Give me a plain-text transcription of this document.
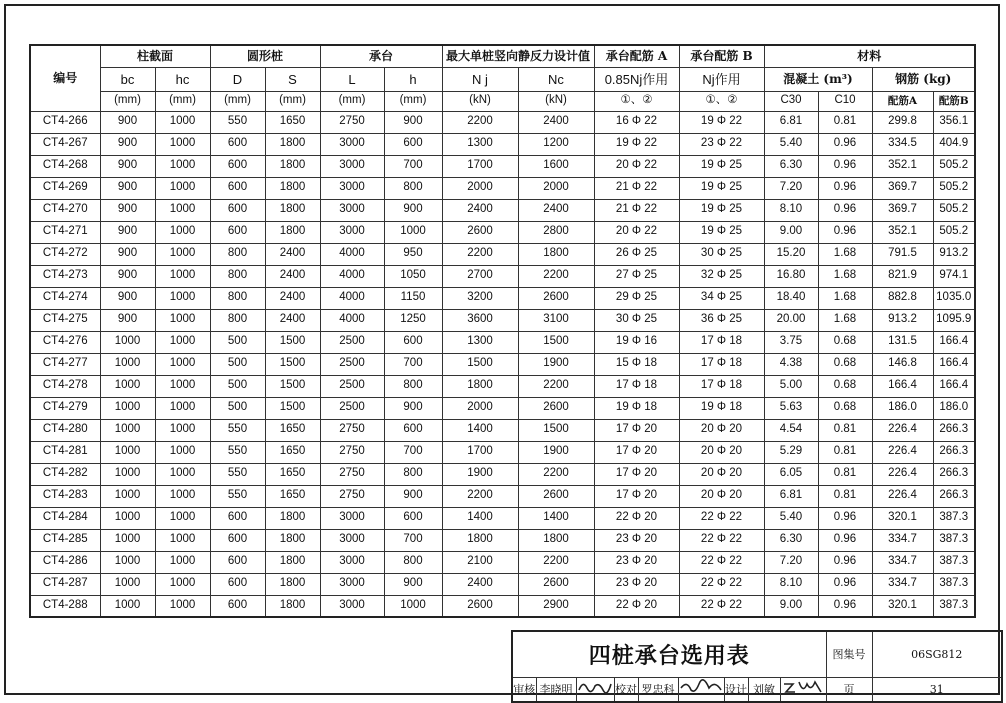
编号	柱截面		圆形桩		承台		最大单桩竖向静反力设计值		承台配筋 A	承台配筋 B	材料			
	bc	hc	D	S	L	h	N j	Nc	0.85Nj作用	Nj作用	混凝土 (m³)		钢筋 (kg)	
	(mm)	(mm)	(mm)	(mm)	(mm)	(mm)	(kN)	(kN)	①、②	①、②	C30	C10	配筋A	配筋B
CT4-266	900	1000	550	1650	2750	900	2200	2400	16 Φ 22	19 Φ 22	6.81	0.81	299.8	356.1
CT4-267	900	1000	600	1800	3000	600	1300	1200	19 Φ 22	23 Φ 22	5.40	0.96	334.5	404.9
CT4-268	900	1000	600	1800	3000	700	1700	1600	20 Φ 22	19 Φ 25	6.30	0.96	352.1	505.2
CT4-269	900	1000	600	1800	3000	800	2000	2000	21 Φ 22	19 Φ 25	7.20	0.96	369.7	505.2
CT4-270	900	1000	600	1800	3000	900	2400	2400	21 Φ 22	19 Φ 25	8.10	0.96	369.7	505.2
CT4-271	900	1000	600	1800	3000	1000	2600	2800	20 Φ 22	19 Φ 25	9.00	0.96	352.1	505.2
CT4-272	900	1000	800	2400	4000	950	2200	1800	26 Φ 25	30 Φ 25	15.20	1.68	791.5	913.2
CT4-273	900	1000	800	2400	4000	1050	2700	2200	27 Φ 25	32 Φ 25	16.80	1.68	821.9	974.1
CT4-274	900	1000	800	2400	4000	1150	3200	2600	29 Φ 25	34 Φ 25	18.40	1.68	882.8	1035.0
CT4-275	900	1000	800	2400	4000	1250	3600	3100	30 Φ 25	36 Φ 25	20.00	1.68	913.2	1095.9
CT4-276	1000	1000	500	1500	2500	600	1300	1500	19 Φ 16	17 Φ 18	3.75	0.68	131.5	166.4
CT4-277	1000	1000	500	1500	2500	700	1500	1900	15 Φ 18	17 Φ 18	4.38	0.68	146.8	166.4
CT4-278	1000	1000	500	1500	2500	800	1800	2200	17 Φ 18	17 Φ 18	5.00	0.68	166.4	166.4
CT4-279	1000	1000	500	1500	2500	900	2000	2600	19 Φ 18	19 Φ 18	5.63	0.68	186.0	186.0
CT4-280	1000	1000	550	1650	2750	600	1400	1500	17 Φ 20	20 Φ 20	4.54	0.81	226.4	266.3
CT4-281	1000	1000	550	1650	2750	700	1700	1900	17 Φ 20	20 Φ 20	5.29	0.81	226.4	266.3
CT4-282	1000	1000	550	1650	2750	800	1900	2200	17 Φ 20	20 Φ 20	6.05	0.81	226.4	266.3
CT4-283	1000	1000	550	1650	2750	900	2200	2600	17 Φ 20	20 Φ 20	6.81	0.81	226.4	266.3
CT4-284	1000	1000	600	1800	3000	600	1400	1400	22 Φ 20	22 Φ 22	5.40	0.96	320.1	387.3
CT4-285	1000	1000	600	1800	3000	700	1800	1800	23 Φ 20	22 Φ 22	6.30	0.96	334.7	387.3
CT4-286	1000	1000	600	1800	3000	800	2100	2200	23 Φ 20	22 Φ 22	7.20	0.96	334.7	387.3
CT4-287	1000	1000	600	1800	3000	900	2400	2600	23 Φ 20	22 Φ 22	8.10	0.96	334.7	387.3
CT4-288	1000	1000	600	1800	3000	1000	2600	2900	22 Φ 20	22 Φ 22	9.00	0.96	320.1	387.3
四桩承台选用表									图集号	06SG812
审核	李晓明		校对	罗忠科		设计	刘敏		页	31
